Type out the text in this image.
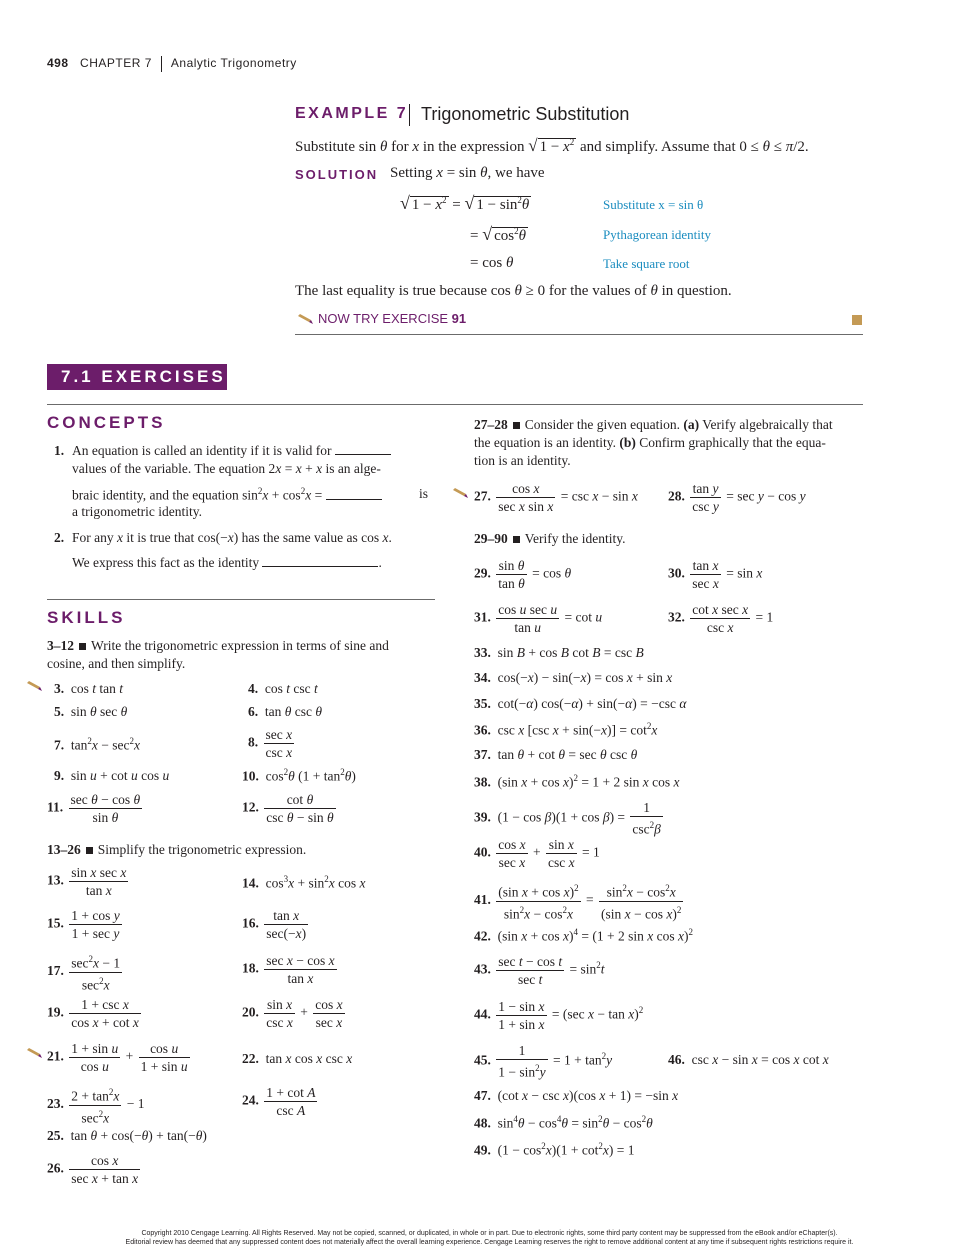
498 CHAPTER 7 Analytic Trigonometry
EXAMPLE 7 Trigonometric Substitution
Substitute sin θ for x in the expression √ $1 - x^2$ and simplify. Assume that 0 ≤ θ ≤ π/2.
SOLUTION Setting x = sin θ, we have
√ $1 - x^2$ = √ $1 - \sin^2\theta$	Substitute x = sin θ
= √ $\cos^2\theta$	Pythagorean identity
= cos θ	Take square root
The last equality is true because cos θ ≥ 0 for the values of θ in question.
NOW TRY EXERCISE 91
7.1 EXERCISES
CONCEPTS
1. An equation is called an identity if it is valid for
values of the variable. The equation 2x = x + x is an alge-
braic identity, and the equation $\sin^2x + \cos^2x$ =	is
a trigonometric identity.
2. For any x it is true that cos(−x) has the same value as cos x.
We express this fact as the identity	.
SKILLS
3–12 Write the trigonometric expression in terms of sine and
cosine, and then simplify.
3.  cos t tan t	4.  cos t csc t
5.  sin θ sec θ	6.  tan θ csc θ
7.  $\tan^2x - \sec^2x$	8. $\frac{\text{sec x}}{\text{csc x}}$
9.  sin u + cot u cos u	10.  $\cos^2\theta$ $(1 + \tan^2\theta)$
11. $\frac{\text{sec θ − cos θ}}{\text{sin θ}}$	12. $\frac{\text{cot θ}}{\text{csc θ − sin θ}}$
13–26 Simplify the trigonometric expression.
13. $\frac{\text{sin x sec x}}{\text{tan x}}$	14.  $\cos^3x + \sin^2x$ cos x
15. $\frac{\text{1 + cos y}}{\text{1 + sec y}}$	16. $\frac{\text{tan x}}{\sec(-x)}$
17. $\frac{\sec^2x - 1}{\sec^2x}$	18. $\frac{\text{sec x − cos x}}{\text{tan x}}$
19. $\frac{\text{1 + csc x}}{\text{cos x + cot x}}$	20. $\frac{\text{sin x}}{\text{csc x}} + \frac{\text{cos x}}{\text{sec x}}$
21. $\frac{\text{1 + sin u}}{\text{cos u}} + \frac{\text{cos u}}{\text{1 + sin u}}$	22.  tan x cos x csc x
23. $\frac{2 + \tan^2x}{\sec^2x} - 1$	24. $\frac{\text{1 + cot A}}{\text{csc A}}$
25.  tan θ + cos(−θ) + tan(−θ)
26. $\frac{\text{cos x}}{\text{sec x + tan x}}$
27–28 Consider the given equation. (a) Verify algebraically that
the equation is an identity. (b) Confirm graphically that the equa-
tion is an identity.
27. $\frac{\text{cos x}}{\text{sec x sin x}} = \csc x - \sin x$ 28. $\frac{\text{tan y}}{\text{csc y}} = \sec y - \cos y$
29–90 Verify the identity.
29. $\frac{\text{sin θ}}{\text{tan θ}} = \cos \theta$	30. $\frac{\text{tan x}}{\text{sec x}} = \sin x$
31. $\frac{\text{cos u sec u}}{\text{tan u}} = \cot u$	32. $\frac{\text{cot x sec x}}{\text{csc x}} = 1$
33.  sin B + cos B cot B = csc B
34.  cos(−x) − sin(−x) = cos x + sin x
35.  cot(−α) cos(−α) + sin(−α) = −csc α
36.  csc x [csc $x + \sin(-x)] = \cot^2x$
37.  tan θ + cot θ = sec θ csc θ
38.  (sin x + cos x)$^2$ = 1 + 2 sin x cos x
39.  $(1 - \cos \beta)(1 + \cos \beta) = \frac{1}{\csc^2\beta}$
40. $\frac{\text{cos x}}{\text{sec x}} + \frac{\text{sin x}}{\text{csc x}} = 1$
41. $\frac{(\sin x + \cos x)^2}{\sin^2x - \cos^2x} = \frac{\sin^2x - \cos^2x}{(\sin x - \cos x)^2}$
42.  (sin x + cos x)$^4$ = (1 + 2 sin x cos x)$^2$
43. $\frac{\text{sec t − cos t}}{\text{sec t}} = \sin^2t$
44. $\frac{\text{1 − sin x}}{\text{1 + sin x}} = (\sec$ x − tan x)$^2$
45. $\frac{1}{1 - \sin^2y} = 1 + \tan^2y$	46.  csc x − sin x = cos x cot x
47.  (cot x − csc x)(cos x + 1) = −sin x
48.  $\sin^4\theta - \cos^4\theta = \sin^2\theta - \cos^2\theta$
49.  $(1 - \cos^2x)(1 + \cot^2x) = 1$
Copyright 2010 Cengage Learning. All Rights Reserved. May not be copied, scanned, or duplicated, in whole or in part. Due to electronic rights, some third party content may be suppressed from the eBook and/or eChapter(s).
Editorial review has deemed that any suppressed content does not materially affect the overall learning experience. Cengage Learning reserves the right to remove additional content at any time if subsequent rights restrictions require it.
